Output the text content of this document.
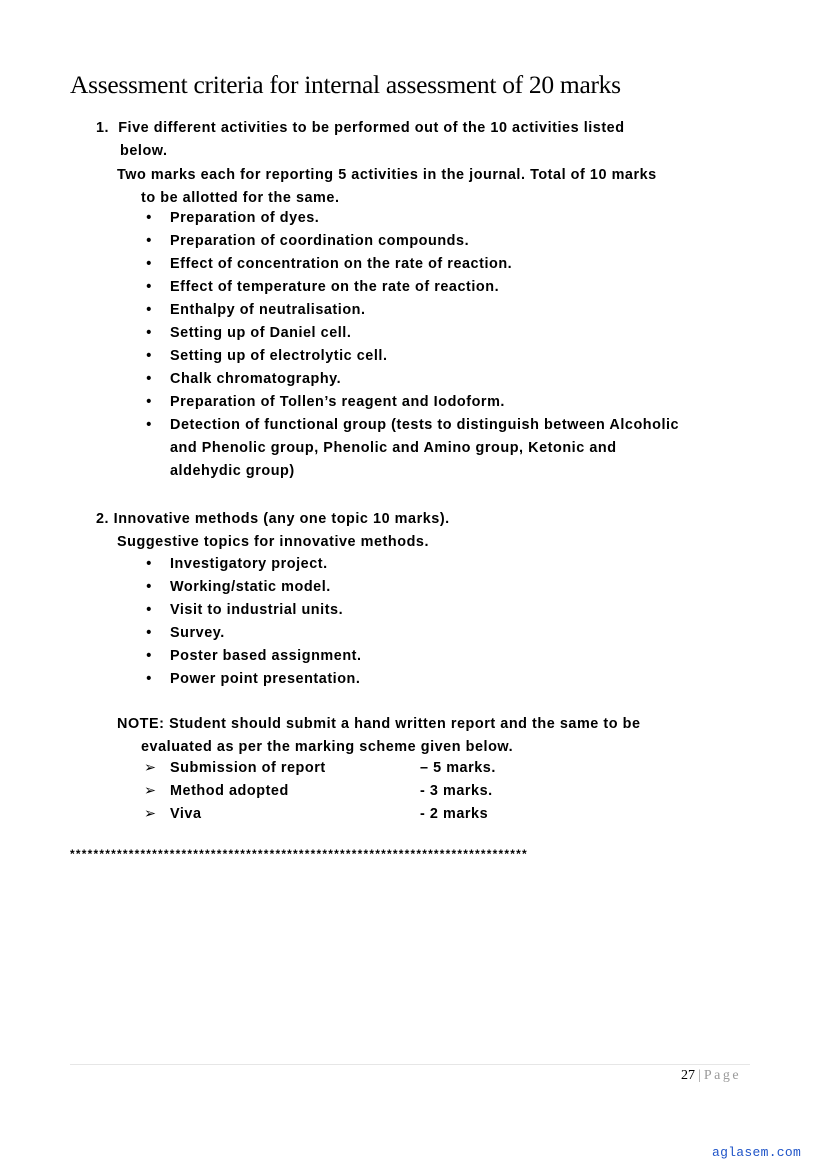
Assessment criteria for internal assessment of 20 marks
1. Five different activities to be performed out of the 10 activities listed
below.
Two marks each for reporting 5 activities in the journal. Total of 10 marks
to be allotted for the same.
• Preparation of dyes.
• Preparation of coordination compounds.
• Effect of concentration on the rate of reaction.
• Effect of temperature on the rate of reaction.
• Enthalpy of neutralisation.
• Setting up of Daniel cell.
• Setting up of electrolytic cell.
• Chalk chromatography.
• Preparation of Tollen’s reagent and Iodoform.
• Detection of functional group (tests to distinguish between Alcoholic
and Phenolic group, Phenolic and Amino group, Ketonic and
aldehydic group)
2. Innovative methods (any one topic 10 marks).
Suggestive topics for innovative methods.
• Investigatory project.
• Working/static model.
• Visit to industrial units.
• Survey.
• Poster based assignment.
• Power point presentation.
NOTE: Student should submit a hand written report and the same to be
evaluated as per the marking scheme given below.
➢ Submission of report	– 5 marks.
➢ Method adopted	- 3 marks.
➢ Viva	- 2 marks
******************************************************************************
27 | Page
aglasem.com
